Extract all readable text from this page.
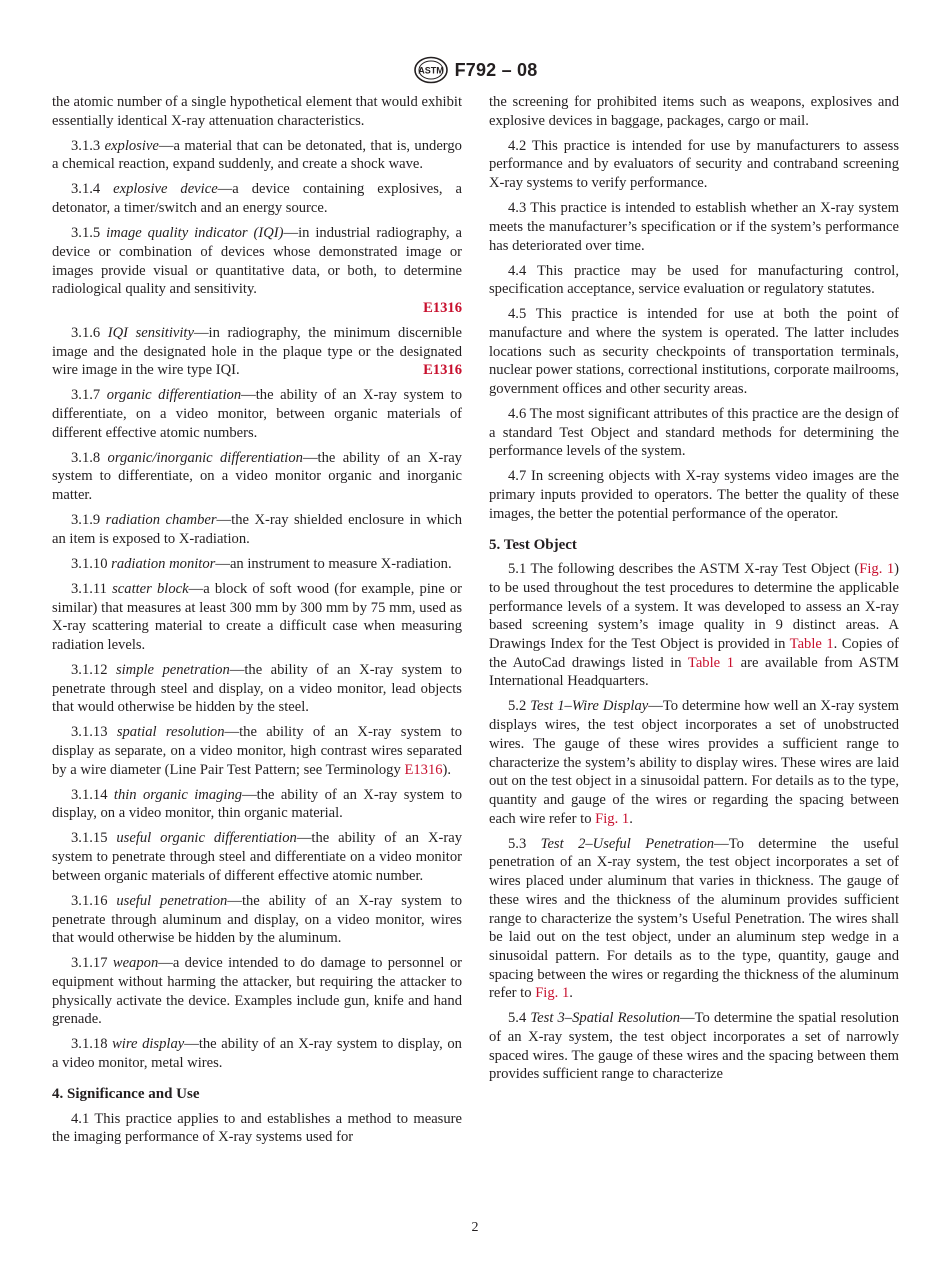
ASTM F792 – 08

the atomic number of a single hypothetical element that would exhibit essentially identical X-ray attenuation characteristics.

3.1.3 explosive—a material that can be detonated, that is, undergo a chemical reaction, expand suddenly, and create a shock wave.

3.1.4 explosive device—a device containing explosives, a detonator, a timer/switch and an energy source.

3.1.5 image quality indicator (IQI)—in industrial radiography, a device or combination of devices whose demonstrated image or images provide visual or quantitative data, or both, to determine radiological quality and sensitivity.
E1316

3.1.6 IQI sensitivity—in radiography, the minimum discernible image and the designated hole in the plaque type or the designated wire image in the wire type IQI.    	E1316

3.1.7 organic differentiation—the ability of an X-ray system to differentiate, on a video monitor, between organic materials of different effective atomic numbers.

3.1.8 organic/inorganic differentiation—the ability of an X-ray system to differentiate, on a video monitor organic and inorganic matter.

3.1.9 radiation chamber—the X-ray shielded enclosure in which an item is exposed to X-radiation.

3.1.10 radiation monitor—an instrument to measure X-radiation.

3.1.11 scatter block—a block of soft wood (for example, pine or similar) that measures at least 300 mm by 300 mm by 75 mm, used as X-ray scattering material to create a difficult case when measuring radiation levels.

3.1.12 simple penetration—the ability of an X-ray system to penetrate through steel and display, on a video monitor, lead objects that would otherwise be hidden by the steel.

3.1.13 spatial resolution—the ability of an X-ray system to display as separate, on a video monitor, high contrast wires separated by a wire diameter (Line Pair Test Pattern; see Terminology E1316).

3.1.14 thin organic imaging—the ability of an X-ray system to display, on a video monitor, thin organic material.

3.1.15 useful organic differentiation—the ability of an X-ray system to penetrate through steel and differentiate on a video monitor between organic materials of different effective atomic number.

3.1.16 useful penetration—the ability of an X-ray system to penetrate through aluminum and display, on a video monitor, wires that would otherwise be hidden by the aluminum.

3.1.17 weapon—a device intended to do damage to personnel or equipment without harming the attacker, but requiring the attacker to physically activate the device. Examples include gun, knife and hand grenade.

3.1.18 wire display—the ability of an X-ray system to display, on a video monitor, metal wires.

4. Significance and Use

4.1 This practice applies to and establishes a method to measure the imaging performance of X-ray systems used for

the screening for prohibited items such as weapons, explosives and explosive devices in baggage, packages, cargo or mail.

4.2 This practice is intended for use by manufacturers to assess performance and by evaluators of security and contraband screening X-ray systems to verify performance.

4.3 This practice is intended to establish whether an X-ray system meets the manufacturer’s specification or if the system’s performance has deteriorated over time.

4.4 This practice may be used for manufacturing control, specification acceptance, service evaluation or regulatory statutes.

4.5 This practice is intended for use at both the point of manufacture and where the system is operated. The latter includes locations such as security checkpoints of transportation terminals, nuclear power stations, correctional institutions, corporate mailrooms, government offices and other security areas.

4.6 The most significant attributes of this practice are the design of a standard Test Object and standard methods for determining the performance levels of the system.

4.7 In screening objects with X-ray systems video images are the primary inputs provided to operators. The better the quality of these images, the better the potential performance of the operator.

5. Test Object

5.1 The following describes the ASTM X-ray Test Object (Fig. 1) to be used throughout the test procedures to determine the applicable performance levels of a system. It was developed to assess an X-ray based screening system’s image quality in 9 distinct areas. A Drawings Index for the Test Object is provided in Table 1. Copies of the AutoCad drawings listed in Table 1 are available from ASTM International Headquarters.

5.2 Test 1–Wire Display—To determine how well an X-ray system displays wires, the test object incorporates a set of unobstructed wires. The gauge of these wires provides a sufficient range to characterize the system’s ability to display wires. These wires are laid out on the test object in a sinusoidal pattern. For details as to the type, quantity and gauge of the wires or regarding the spacing between each wire refer to Fig. 1.

5.3 Test 2–Useful Penetration—To determine the useful penetration of an X-ray system, the test object incorporates a set of wires placed under aluminum that varies in thickness. The gauge of these wires and the thickness of the aluminum provides sufficient range to characterize the system’s Useful Penetration. The wires shall be laid out on the test object, under an aluminum step wedge in a sinusoidal pattern. For details as to the type, quantity, gauge and spacing between the wires or regarding the thickness of the aluminum refer to Fig. 1.

5.4 Test 3–Spatial Resolution—To determine the spatial resolution of an X-ray system, the test object incorporates a set of narrowly spaced wires. The gauge of these wires and the spacing between them provides sufficient range to characterize

2
